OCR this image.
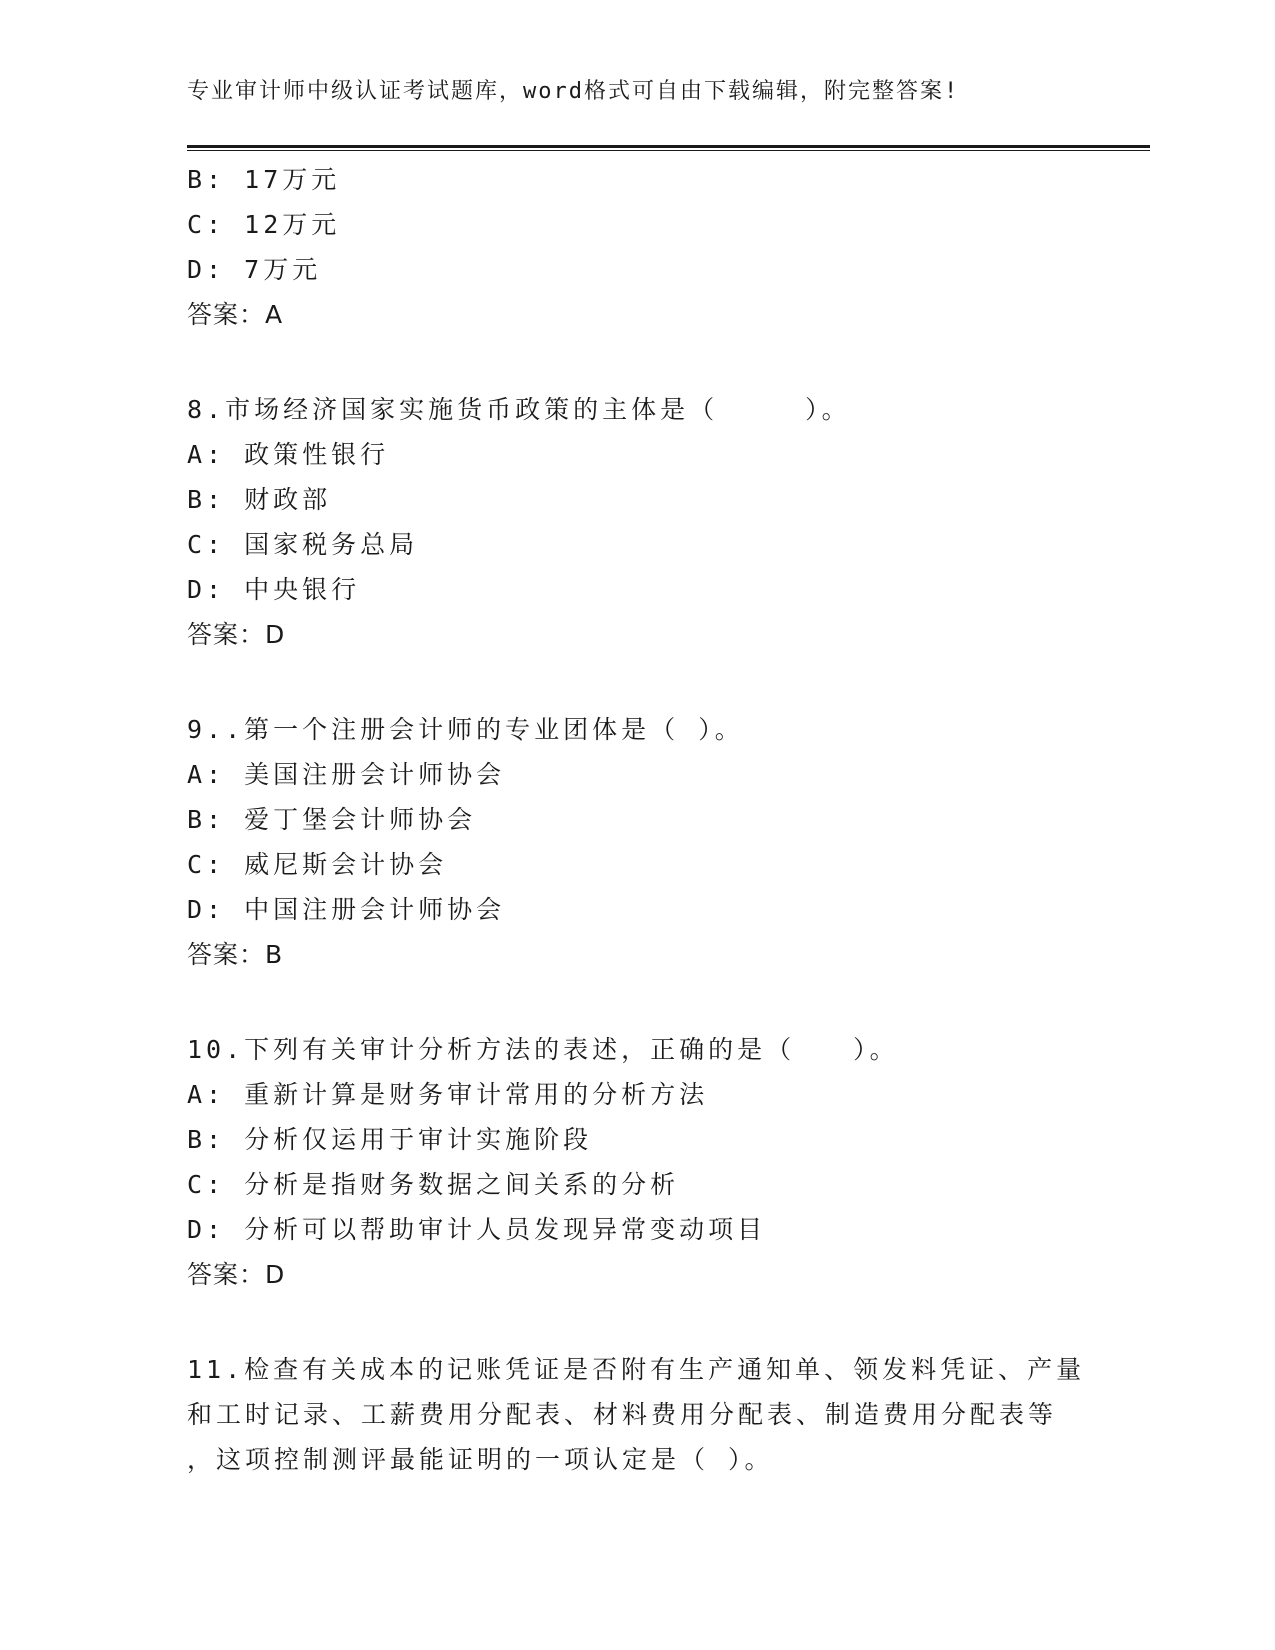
专业审计师中级认证考试题库，word格式可自由下载编辑，附完整答案!
B: 17万元
C: 12万元
D: 7万元
答案：A
8.市场经济国家实施货币政策的主体是（　　　）。
A: 政策性银行
B: 财政部
C: 国家税务总局
D: 中央银行
答案：D
9..第一个注册会计师的专业团体是（ ）。
A: 美国注册会计师协会
B: 爱丁堡会计师协会
C: 威尼斯会计协会
D: 中国注册会计师协会
答案：B
10.下列有关审计分析方法的表述，正确的是（　　）。
A: 重新计算是财务审计常用的分析方法
B: 分析仅运用于审计实施阶段
C: 分析是指财务数据之间关系的分析
D: 分析可以帮助审计人员发现异常变动项目
答案：D
11.检查有关成本的记账凭证是否附有生产通知单、领发料凭证、产量
和工时记录、工薪费用分配表、材料费用分配表、制造费用分配表等
，这项控制测评最能证明的一项认定是（ ）。
